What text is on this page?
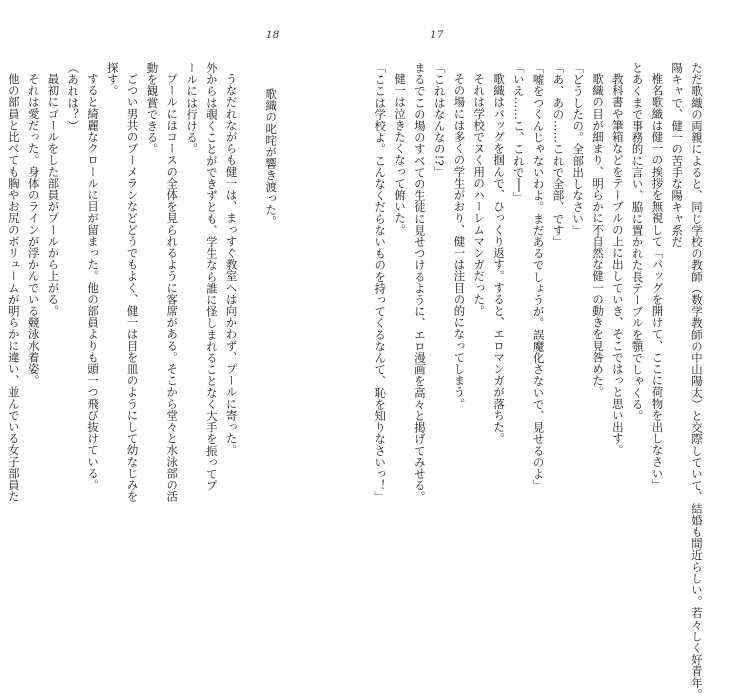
18
歌織の叱咤が響き渡った。
うなだれながらも健一は、まっすぐ教室へは向かわず、プールに寄った。
外からは覗くことができずとも、学生なら誰に怪しまれることなく大手を振ってプ
ールには行ける。
プールにはコースの全体を見られるように客席がある。そこから堂々と水泳部の活
動を観賞できる。
ごつい男共のブーメランなどどうでもよく、健一は目を皿のようにして幼なじみを
探す。
すると綺麗なクロールに目が留まった。他の部員よりも頭一つ飛び抜けている。
（あれは？）
最初にゴールをした部員がプールから上がる。
それは愛だった。身体のラインが浮かんでいる競泳水着姿。
他の部員と比べても胸やお尻のボリュームが明らかに違い、並んでいる女子部員た
17
ただ歌織の両親によると、同じ学校の教師（数学教師の中山陽太）と交際していて、結婚も間近らしい。若々しく好青年。
陽キャで、健一の苦手な陽キャ系だ
椎名歌織は健一の挨拶を無視して「バッグを開けて、ここに荷物を出しなさい」
とあくまで事務的に言い、脇に置かれた長テーブルを顎でしゃくる。
教科書や筆箱などをテーブルの上に出していき、そこではっと思い出す。
歌織の目が細まり、明らかに不自然な健一の動きを見咎めた。
「どうしたの。全部出しなさい」
「あ、あの……これで全部、です」
「嘘をつくんじゃないわよ。まだあるでしょうが。誤魔化さないで、見せるのよ」
「いえ……こ、これで──」
歌織はバッグを掴んで、ひっくり返す。すると、エロマンガが落ちた。
それは学校でヌく用のハーレムマンガだった。
その場には多くの学生がおり、健一は注目の的になってしまう。
「これはなんなの!?」
まるでこの場のすべての生徒に見せつけるように、エロ漫画を高々と掲げてみせる。
健一は泣きたくなって俯いた。
「ここは学校よ。こんなくだらないものを持ってくるなんて、恥を知りなさいっ！」
